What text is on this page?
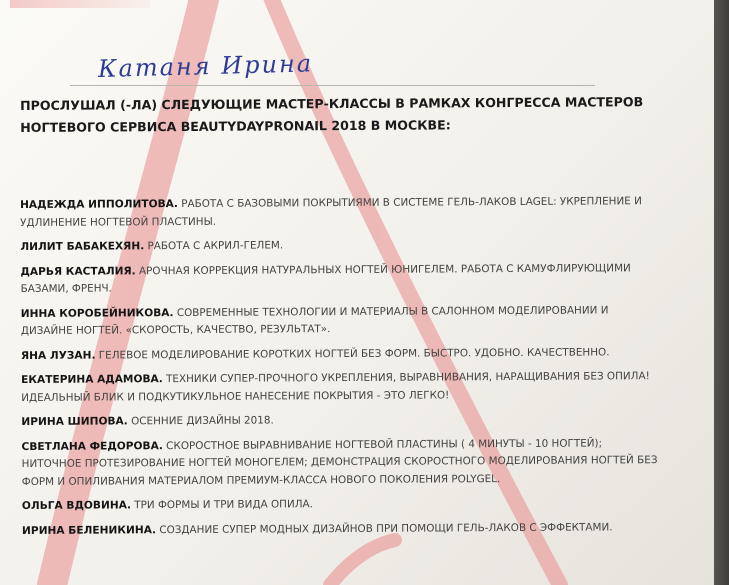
Катаня Ирина
ПРОСЛУШАЛ (-ЛА) СЛЕДУЮЩИЕ МАСТЕР-КЛАССЫ В РАМКАХ КОНГРЕССА МАСТЕРОВ НОГТЕВОГО СЕРВИСА BEAUTYDAYPRONAIL 2018 В МОСКВЕ:

НАДЕЖДА ИППОЛИТОВА. РАБОТА С БАЗОВЫМИ ПОКРЫТИЯМИ В СИСТЕМЕ ГЕЛЬ-ЛАКОВ LAGEL: УКРЕПЛЕНИЕ И УДЛИНЕНИЕ НОГТЕВОЙ ПЛАСТИНЫ.

ЛИЛИТ БАБАКЕХЯН. РАБОТА С АКРИЛ-ГЕЛЕМ.

ДАРЬЯ КАСТАЛИЯ. АРОЧНАЯ КОРРЕКЦИЯ НАТУРАЛЬНЫХ НОГТЕЙ ЮНИГЕЛЕМ. РАБОТА С КАМУФЛИРУЮЩИМИ БАЗАМИ, ФРЕНЧ.

ИННА КОРОБЕЙНИКОВА. СОВРЕМЕННЫЕ ТЕХНОЛОГИИ И МАТЕРИАЛЫ В САЛОННОМ МОДЕЛИРОВАНИИ И ДИЗАЙНЕ НОГТЕЙ. «СКОРОСТЬ, КАЧЕСТВО, РЕЗУЛЬТАТ».

ЯНА ЛУЗАН. ГЕЛЕВОЕ МОДЕЛИРОВАНИЕ КОРОТКИХ НОГТЕЙ БЕЗ ФОРМ. БЫСТРО. УДОБНО. КАЧЕСТВЕННО.

ЕКАТЕРИНА АДАМОВА. ТЕХНИКИ СУПЕР-ПРОЧНОГО УКРЕПЛЕНИЯ, ВЫРАВНИВАНИЯ, НАРАЩИВАНИЯ БЕЗ ОПИЛА! ИДЕАЛЬНЫЙ БЛИК И ПОДКУТИКУЛЬНОЕ НАНЕСЕНИЕ ПОКРЫТИЯ - ЭТО ЛЕГКО!

ИРИНА ШИПОВА. ОСЕННИЕ ДИЗАЙНЫ 2018.

СВЕТЛАНА ФЕДОРОВА. СКОРОСТНОЕ ВЫРАВНИВАНИЕ НОГТЕВОЙ ПЛАСТИНЫ ( 4 МИНУТЫ - 10 НОГТЕЙ); НИТОЧНОЕ ПРОТЕЗИРОВАНИЕ НОГТЕЙ МОНОГЕЛЕМ; ДЕМОНСТРАЦИЯ СКОРОСТНОГО МОДЕЛИРОВАНИЯ НОГТЕЙ БЕЗ ФОРМ И ОПИЛИВАНИЯ МАТЕРИАЛОМ ПРЕМИУМ-КЛАССА НОВОГО ПОКОЛЕНИЯ POLYGEL.

ОЛЬГА ВДОВИНА. ТРИ ФОРМЫ И ТРИ ВИДА ОПИЛА.

ИРИНА БЕЛЕНИКИНА. СОЗДАНИЕ СУПЕР МОДНЫХ ДИЗАЙНОВ ПРИ ПОМОЩИ ГЕЛЬ-ЛАКОВ С ЭФФЕКТАМИ.
